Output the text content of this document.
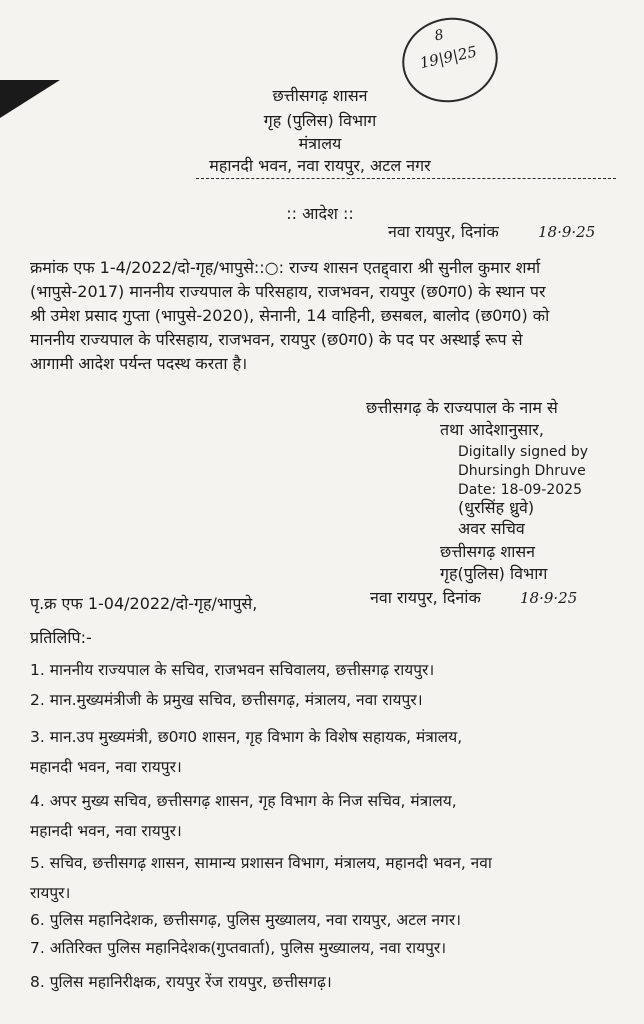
8
19|9|25
छत्तीसगढ़ शासन
गृह (पुलिस) विभाग
मंत्रालय
महानदी भवन, नवा रायपुर, अटल नगर
:: आदेश ::
नवा रायपुर, दिनांक	18·9·25
क्रमांक एफ 1-4/2022/दो-गृह/भापुसे::○: राज्य शासन एतद्द्वारा श्री सुनील कुमार शर्मा
(भापुसे-2017) माननीय राज्यपाल के परिसहाय, राजभवन, रायपुर (छ0ग0) के स्थान पर
श्री उमेश प्रसाद गुप्ता (भापुसे-2020), सेनानी, 14 वाहिनी, छसबल, बालोद (छ0ग0) को
माननीय राज्यपाल के परिसहाय, राजभवन, रायपुर (छ0ग0) के पद पर अस्थाई रूप से
आगामी आदेश पर्यन्त पदस्थ करता है।
छत्तीसगढ़ के राज्यपाल के नाम से
तथा आदेशानुसार,
Digitally signed by
Dhursingh Dhruve
Date: 18-09-2025
(धुरसिंह ध्रुवे)
अवर सचिव
छत्तीसगढ़ शासन
गृह(पुलिस) विभाग
पृ.क्र एफ 1-04/2022/दो-गृह/भापुसे,	नवा रायपुर, दिनांक	18·9·25
प्रतिलिपि:-
1. माननीय राज्यपाल के सचिव, राजभवन सचिवालय, छत्तीसगढ़ रायपुर।
2. मान.मुख्यमंत्रीजी के प्रमुख सचिव, छत्तीसगढ़, मंत्रालय, नवा रायपुर।
3. मान.उप मुख्यमंत्री, छ0ग0 शासन, गृह विभाग के विशेष सहायक, मंत्रालय,
महानदी भवन, नवा रायपुर।
4. अपर मुख्य सचिव, छत्तीसगढ़ शासन, गृह विभाग के निज सचिव, मंत्रालय,
महानदी भवन, नवा रायपुर।
5. सचिव, छत्तीसगढ़ शासन, सामान्य प्रशासन विभाग, मंत्रालय, महानदी भवन, नवा
रायपुर।
6. पुलिस महानिदेशक, छत्तीसगढ़, पुलिस मुख्यालय, नवा रायपुर, अटल नगर।
7. अतिरिक्त पुलिस महानिदेशक(गुप्तवार्ता), पुलिस मुख्यालय, नवा रायपुर।
8. पुलिस महानिरीक्षक, रायपुर रेंज रायपुर, छत्तीसगढ़।
